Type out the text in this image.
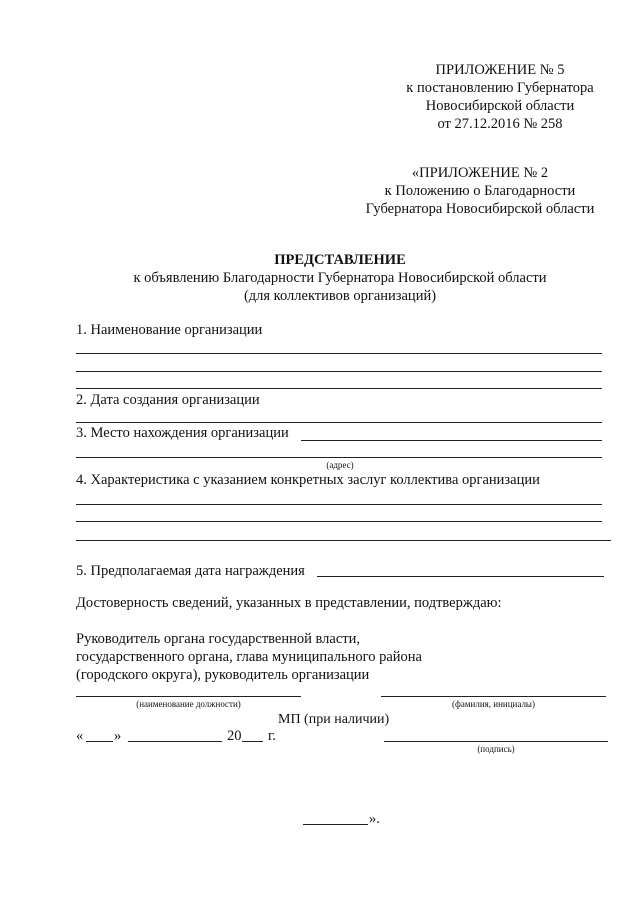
ПРИЛОЖЕНИЕ № 5
к постановлению Губернатора
Новосибирской области
от 27.12.2016 № 258
«ПРИЛОЖЕНИЕ № 2
к Положению о Благодарности
Губернатора Новосибирской области
ПРЕДСТАВЛЕНИЕ
к объявлению Благодарности Губернатора Новосибирской области
(для коллективов организаций)
1. Наименование организации
2. Дата создания организации
3. Место нахождения организации
(адрес)
4. Характеристика с указанием конкретных заслуг коллектива организации
5. Предполагаемая дата награждения
Достоверность сведений, указанных в представлении, подтверждаю:
Руководитель органа государственной власти,
государственного органа, глава муниципального района
(городского округа), руководитель организации
(наименование должности)	(фамилия, инициалы)
МП (при наличии)
« »	20 г.
(подпись)
».
